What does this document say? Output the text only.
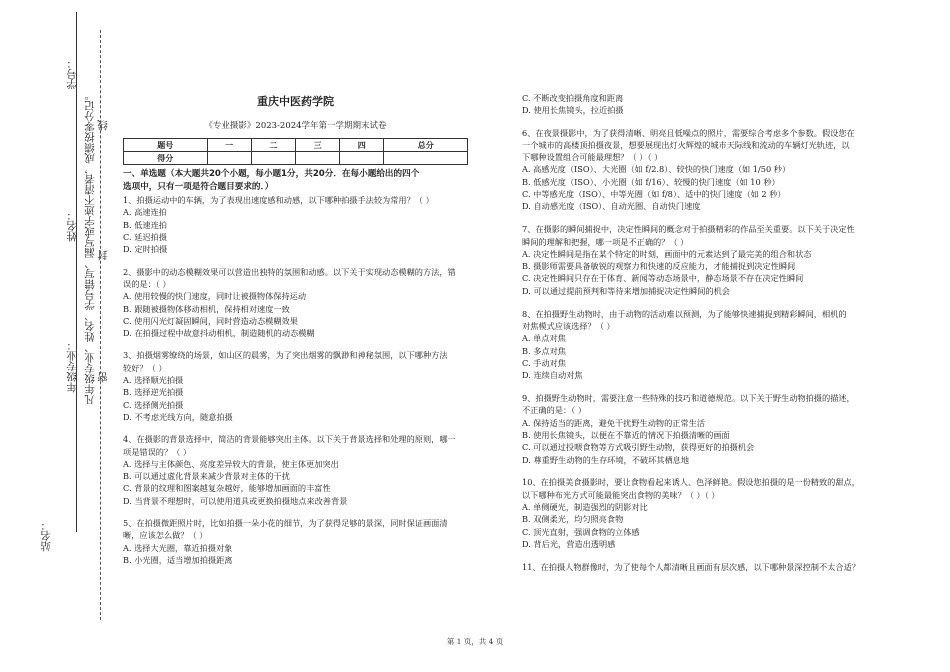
站名：
年级专业：
姓名：
学号：
凡年级专业、姓名、学号错写、漏写或字迹不清者，成绩按零分记。 线
封
密
重庆中医药学院
《专业摄影》2023-2024学年第一学期期末试卷
题号	一	二	三	四	总分
得分					
一、单选题（本大题共20个小题，每小题1分，共20分．在每小题给出的四个
选项中，只有一项是符合题目要求的．）
1、拍摄运动中的车辆，为了表现出速度感和动感，以下哪种拍摄手法较为常用？（ ）
A. 高速连拍
B. 低速连拍
C. 延迟拍摄
D. 定时拍摄
2、摄影中的动态模糊效果可以营造出独特的氛围和动感。以下关于实现动态模糊的方法，错
误的是：（ ）
A. 使用较慢的快门速度，同时让被摄物体保持运动
B. 跟随被摄物体移动相机，保持相对速度一致
C. 使用闪光灯凝固瞬间，同时营造动态模糊效果
D. 在拍摄过程中故意抖动相机，制造随机的动态模糊
3、拍摄烟雾缭绕的场景，如山区的晨雾，为了突出烟雾的飘渺和神秘氛围，以下哪种方法
较好？（ ）
A. 选择顺光拍摄
B. 选择逆光拍摄
C. 选择侧光拍摄
D. 不考虑光线方向，随意拍摄
4、在摄影的背景选择中，简洁的背景能够突出主体。以下关于背景选择和处理的原则，哪一
项是错误的？（ ）
A. 选择与主体颜色、亮度差异较大的背景，使主体更加突出
B. 可以通过虚化背景来减少背景对主体的干扰
C. 背景的纹理和图案越复杂越好，能够增加画面的丰富性
D. 当背景不理想时，可以使用道具或更换拍摄地点来改善背景
5、在拍摄微距照片时，比如拍摄一朵小花的细节，为了获得足够的景深，同时保证画面清
晰，应该怎么做？（ ）
A. 选择大光圈，靠近拍摄对象
B. 小光圈，适当增加拍摄距离
C. 不断改变拍摄角度和距离
D. 使用长焦镜头，拉近拍摄
6、在夜景摄影中，为了获得清晰、明亮且低噪点的照片，需要综合考虑多个参数。假设您在
一个城市的高楼顶拍摄夜景，想要展现出灯火辉煌的城市天际线和流动的车辆灯光轨迹，以
下哪种设置组合可能最理想？（ ）（ ）
A. 高感光度（ISO）、大光圈（如 f/2.8）、较快的快门速度（如 1/50 秒）
B. 低感光度（ISO）、小光圈（如 f/16）、较慢的快门速度（如 10 秒）
C. 中等感光度（ISO）、中等光圈（如 f/8）、适中的快门速度（如 2 秒）
D. 自动感光度（ISO）、自动光圈、自动快门速度
7、在摄影的瞬间捕捉中，决定性瞬间的概念对于拍摄精彩的作品至关重要。以下关于决定性
瞬间的理解和把握，哪一项是不正确的？（ ）
A. 决定性瞬间是指在某个特定的时刻，画面中的元素达到了最完美的组合和状态
B. 摄影师需要具备敏锐的观察力和快速的反应能力，才能捕捉到决定性瞬间
C. 决定性瞬间只存在于体育、新闻等动态场景中，静态场景不存在决定性瞬间
D. 可以通过提前预判和等待来增加捕捉决定性瞬间的机会
8、在拍摄野生动物时，由于动物的活动难以预测，为了能够快速捕捉到精彩瞬间，相机的
对焦模式应该选择？（ ）
A. 单点对焦
B. 多点对焦
C. 手动对焦
D. 连续自动对焦
9、拍摄野生动物时，需要注意一些特殊的技巧和道德规范。以下关于野生动物拍摄的描述，
不正确的是：（ ）
A. 保持适当的距离，避免干扰野生动物的正常生活
B. 使用长焦镜头，以便在不靠近的情况下拍摄清晰的画面
C. 可以通过投喂食物等方式吸引野生动物，获得更好的拍摄机会
D. 尊重野生动物的生存环境，不破坏其栖息地
10、在拍摄美食摄影时，要让食物看起来诱人、色泽鲜艳。假设您拍摄的是一份精致的甜点，
以下哪种布光方式可能最能突出食物的美味？（ ）（ ）
A. 单侧硬光，制造强烈的阴影对比
B. 双侧柔光，均匀照亮食物
C. 顶光直射，强调食物的立体感
D. 背后光，营造出透明感
11、在拍摄人物群像时，为了使每个人都清晰且画面有层次感，以下哪种景深控制不太合适？
第 1 页，共 4 页
